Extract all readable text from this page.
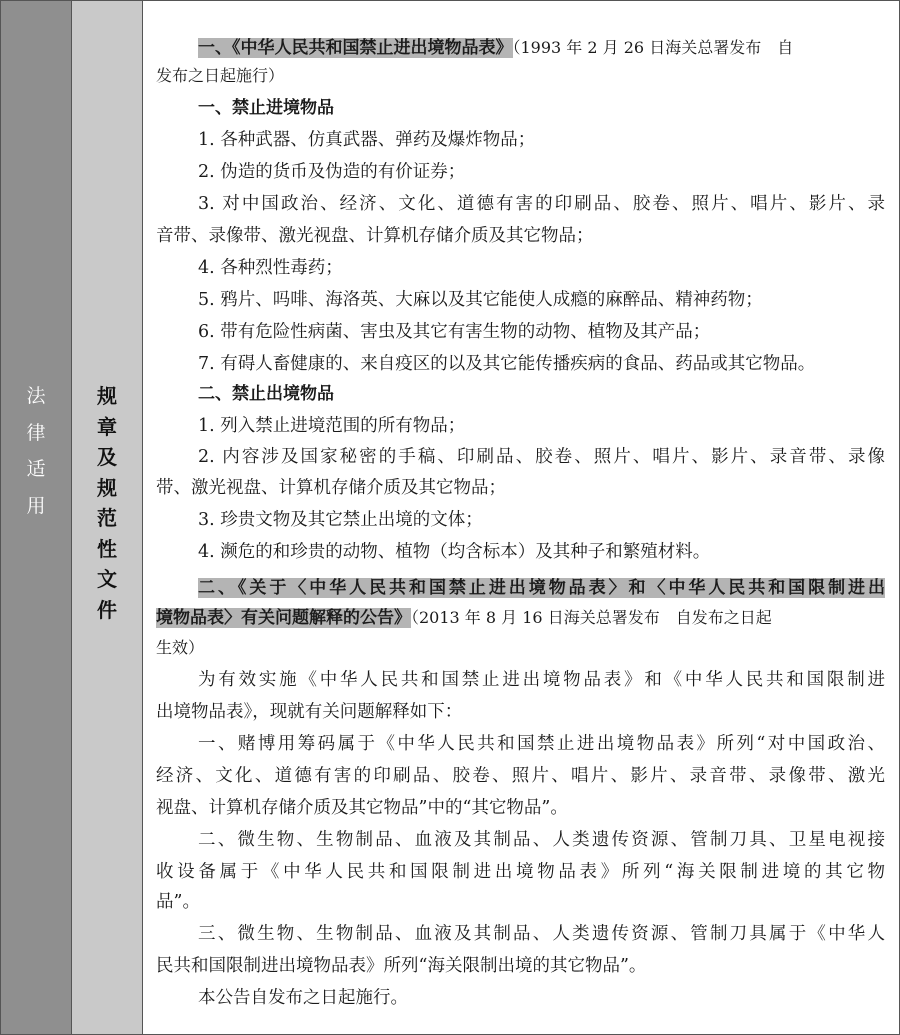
法
律
适
用
规
章
及
规
范
性
文
件
一、《中华人民共和国禁止进出境物品表》（1993 年 2 月 26 日海关总署发布　自
发布之日起施行）
一、禁止进境物品
1. 各种武器、仿真武器、弹药及爆炸物品；
2. 伪造的货币及伪造的有价证券；
3. 对中国政治、经济、文化、道德有害的印刷品、胶卷、照片、唱片、影片、录
音带、录像带、激光视盘、计算机存储介质及其它物品；
4. 各种烈性毒药；
5. 鸦片、吗啡、海洛英、大麻以及其它能使人成瘾的麻醉品、精神药物；
6. 带有危险性病菌、害虫及其它有害生物的动物、植物及其产品；
7. 有碍人畜健康的、来自疫区的以及其它能传播疾病的食品、药品或其它物品。
二、禁止出境物品
1. 列入禁止进境范围的所有物品；
2. 内容涉及国家秘密的手稿、印刷品、胶卷、照片、唱片、影片、录音带、录像
带、激光视盘、计算机存储介质及其它物品；
3. 珍贵文物及其它禁止出境的文体；
4. 濒危的和珍贵的动物、植物（均含标本）及其种子和繁殖材料。
二、《关于〈中华人民共和国禁止进出境物品表〉和〈中华人民共和国限制进出
境物品表〉有关问题解释的公告》（2013 年 8 月 16 日海关总署发布　自发布之日起
生效）
为有效实施《中华人民共和国禁止进出境物品表》和《中华人民共和国限制进
出境物品表》，现就有关问题解释如下：
一、赌博用筹码属于《中华人民共和国禁止进出境物品表》所列“对中国政治、
经济、文化、道德有害的印刷品、胶卷、照片、唱片、影片、录音带、录像带、激光
视盘、计算机存储介质及其它物品”中的“其它物品”。
二、微生物、生物制品、血液及其制品、人类遗传资源、管制刀具、卫星电视接
收设备属于《中华人民共和国限制进出境物品表》所列“海关限制进境的其它物
品”。
三、微生物、生物制品、血液及其制品、人类遗传资源、管制刀具属于《中华人
民共和国限制进出境物品表》所列“海关限制出境的其它物品”。
本公告自发布之日起施行。
